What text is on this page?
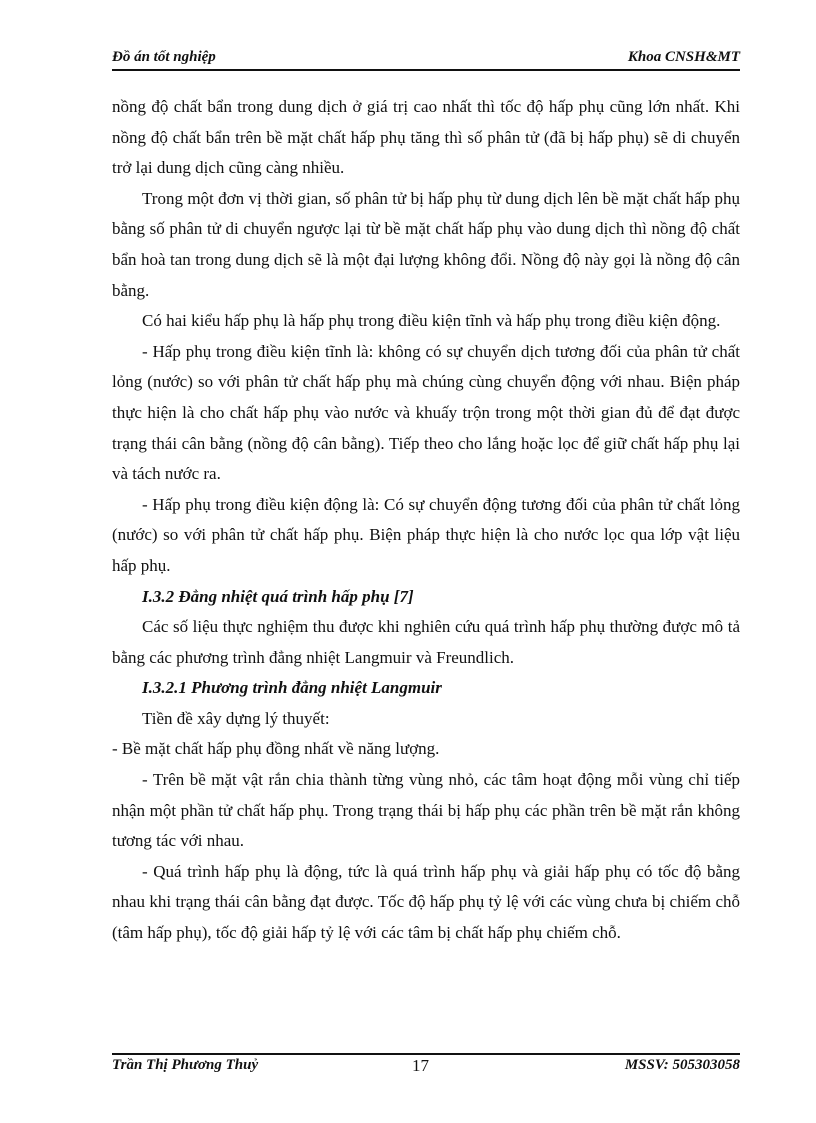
Đồ án tốt nghiệp	Khoa CNSH&MT

nồng độ chất bẩn trong dung dịch ở giá trị cao nhất thì tốc độ hấp phụ cũng lớn nhất. Khi nồng độ chất bẩn trên bề mặt chất hấp phụ tăng thì số phân tử (đã bị hấp phụ) sẽ di chuyển trở lại dung dịch cũng càng nhiều.

Trong một đơn vị thời gian, số phân tử bị hấp phụ từ dung dịch lên bề mặt chất hấp phụ bằng số phân tử di chuyển ngược lại từ bề mặt chất hấp phụ vào dung dịch thì nồng độ chất bẩn hoà tan trong dung dịch sẽ là một đại lượng không đổi. Nồng độ này gọi là nồng độ cân bằng.

Có hai kiểu hấp phụ là hấp phụ trong điều kiện tĩnh và hấp phụ trong điều kiện động.

- Hấp phụ trong điều kiện tĩnh là: không có sự chuyển dịch tương đối của phân tử chất lỏng (nước) so với phân tử chất hấp phụ mà chúng cùng chuyển động với nhau. Biện pháp thực hiện là cho chất hấp phụ vào nước và khuấy trộn trong một thời gian đủ để đạt được trạng thái cân bằng (nồng độ cân bằng). Tiếp theo cho lắng hoặc lọc để giữ chất hấp phụ lại và tách nước ra.

- Hấp phụ trong điều kiện động là: Có sự chuyển động tương đối của phân tử chất lỏng (nước) so với phân tử chất hấp phụ. Biện pháp thực hiện là cho nước lọc qua lớp vật liệu hấp phụ.

I.3.2 Đẳng nhiệt quá trình hấp phụ [7]

Các số liệu thực nghiệm thu được khi nghiên cứu quá trình hấp phụ thường được mô tả bằng các phương trình đẳng nhiệt Langmuir và Freundlich.

I.3.2.1 Phương trình đẳng nhiệt Langmuir

Tiền đề xây dựng lý thuyết:

- Bề mặt chất hấp phụ đồng nhất về năng lượng.

- Trên bề mặt vật rắn chia thành từng vùng nhỏ, các tâm hoạt động mỗi vùng chỉ tiếp nhận một phần tử chất hấp phụ. Trong trạng thái bị hấp phụ các phần trên bề mặt rắn không tương tác với nhau.

- Quá trình hấp phụ là động, tức là quá trình hấp phụ và giải hấp phụ có tốc độ bằng nhau khi trạng thái cân bằng đạt được. Tốc độ hấp phụ tỷ lệ với các vùng chưa bị chiếm chỗ (tâm hấp phụ), tốc độ giải hấp tỷ lệ với các tâm bị chất hấp phụ chiếm chỗ.

Trần Thị Phương Thuỷ	17	MSSV: 505303058
